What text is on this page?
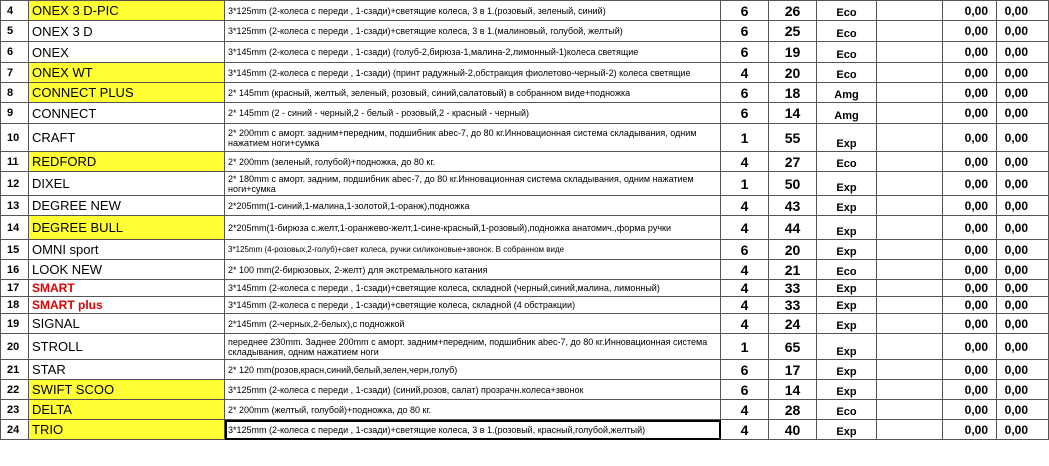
4	ONEX 3 D-PIC	3*125mm (2-колеса с переди , 1-сзади)+светящие колеса, 3 в 1.(розовый, зеленый, синий)	6	26	Eco		0,00	0,00
5	ONEX 3 D	3*125mm (2-колеса с переди , 1-сзади)+светящие колеса, 3 в 1.(малиновый, голубой, желтый)	6	25	Eco		0,00	0,00
6	ONEX	3*145mm (2-колеса с переди , 1-сзади) (голуб-2,бирюза-1,малина-2,лимонный-1)колеса светящие	6	19	Eco		0,00	0,00
7	ONEX WT	3*145mm (2-колеса с переди , 1-сзади) (принт радужный-2,обстракция фиолетово-черный-2) колеса светящие	4	20	Eco		0,00	0,00
8	CONNECT PLUS	2* 145mm (красный, желтый, зеленый, розовый, синий,салатовый) в собранном виде+подножка	6	18	Amg		0,00	0,00
9	CONNECT	2* 145mm (2 - синий - черный,2 - белый - розовый,2 - красный - черный)	6	14	Amg		0,00	0,00
10	CRAFT	2* 200mm с аморт. задним+передним, подшибник abec-7, до 80 кг.Инновационная система складывания, одним нажатием ноги+сумка	1	55	Exp		0,00	0,00
11	REDFORD	2* 200mm (зеленый, голубой)+подножка, до 80 кг.	4	27	Eco		0,00	0,00
12	DIXEL	2* 180mm с аморт. задним, подшибник abec-7, до 80 кг.Инновационная система складывания, одним нажатием ноги+сумка	1	50	Exp		0,00	0,00
13	DEGREE NEW	2*205mm(1-синий,1-малина,1-золотой,1-оранж),подножка	4	43	Exp		0,00	0,00
14	DEGREE BULL	2*205mm(1-бирюза с.желт,1-оранжево-желт,1-сине-красный,1-розовый),подножка анатомич.,форма ручки	4	44	Exp		0,00	0,00
15	OMNI sport	3*125mm (4-розовых,2-голуб)+свет колеса, ручки силиконовые+звонок. В собранном виде	6	20	Exp		0,00	0,00
16	LOOK NEW	2* 100 mm(2-бирюзовых, 2-желт) для экстремального катания	4	21	Eco		0,00	0,00
17	SMART	3*145mm (2-колеса с переди , 1-сзади)+светящие колеса, складной (черный,синий,малина, лимонный)	4	33	Exp		0,00	0,00
18	SMART plus	3*145mm (2-колеса с переди , 1-сзади)+светящие колеса, складной (4 обстракции)	4	33	Exp		0,00	0,00
19	SIGNAL	2*145mm (2-черных,2-белых),с подножкой	4	24	Exp		0,00	0,00
20	STROLL	переднее 230mm. Заднее 200mm с аморт. задним+передним, подшибник abec-7, до 80 кг.Инновационная система складывания, одним нажатием ноги	1	65	Exp		0,00	0,00
21	STAR	2* 120 mm(розов,красн,синий,белый,зелен,черн,голуб)	6	17	Exp		0,00	0,00
22	SWIFT SCOO	3*125mm (2-колеса с переди , 1-сзади) (синий,розов, салат) прозрачн.колеса+звонок	6	14	Exp		0,00	0,00
23	DELTA	2* 200mm (желтый, голубой)+подножка, до 80 кг.	4	28	Eco		0,00	0,00
24	TRIO	3*125mm (2-колеса с переди , 1-сзади)+светящие колеса, 3 в 1.(розовый, красный,голубой,желтый)	4	40	Exp		0,00	0,00
